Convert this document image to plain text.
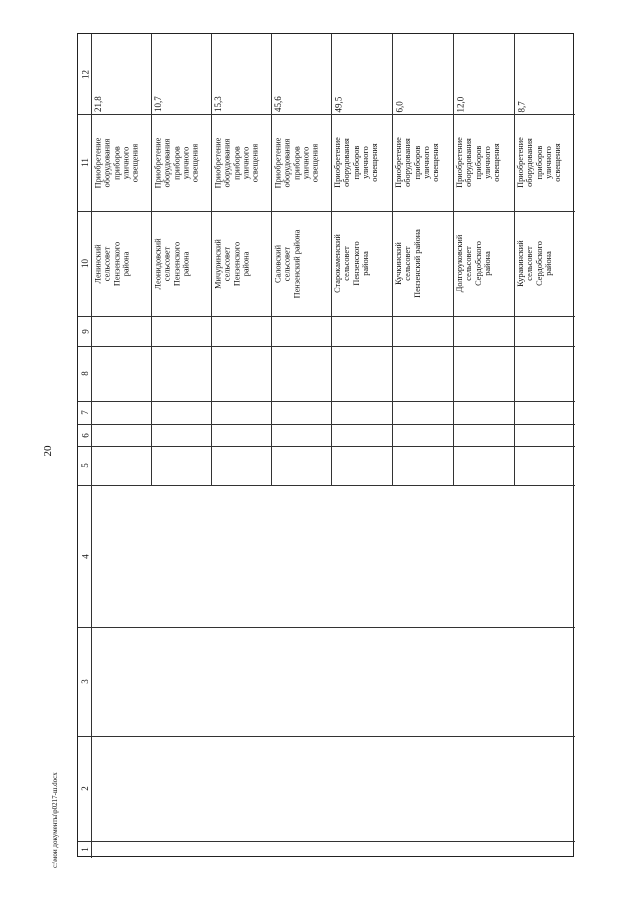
20
c:\мои документы\р0217-ш.docx 1
2
3
4
5
6
7
8
9
10
11
12
21,8
Приобретение
оборудования
приборов
уличного
освещения
Ленинский
сельсовет
Пензенского
района
10,7
Приобретение
оборудования
приборов
уличного
освещения
Леонидовский
сельсовет
Пензенского
района
15,3
Приобретение
оборудования
приборов
уличного
освещения
Мичуринский
сельсовет
Пензенского
района
45,6
Приобретение
оборудования
приборов
уличного
освещения
Саловский
сельсовет
Пензенский района
49,5
Приобретение
оборудования
приборов
уличного
освещения
Старокаменский
сельсовет
Пензенского
района
6,0
Приобретение
оборудования
приборов
уличного
освещения
Кучкинский
сельсовет
Пензенский района
12,0
Приобретение
оборудования
приборов
уличного
освещения
Долгоруковский
сельсовет
Сердобского
района
8,7
Приобретение
оборудования
приборов
уличного
освещения
Куракинский
сельсовет
Сердобского
района
